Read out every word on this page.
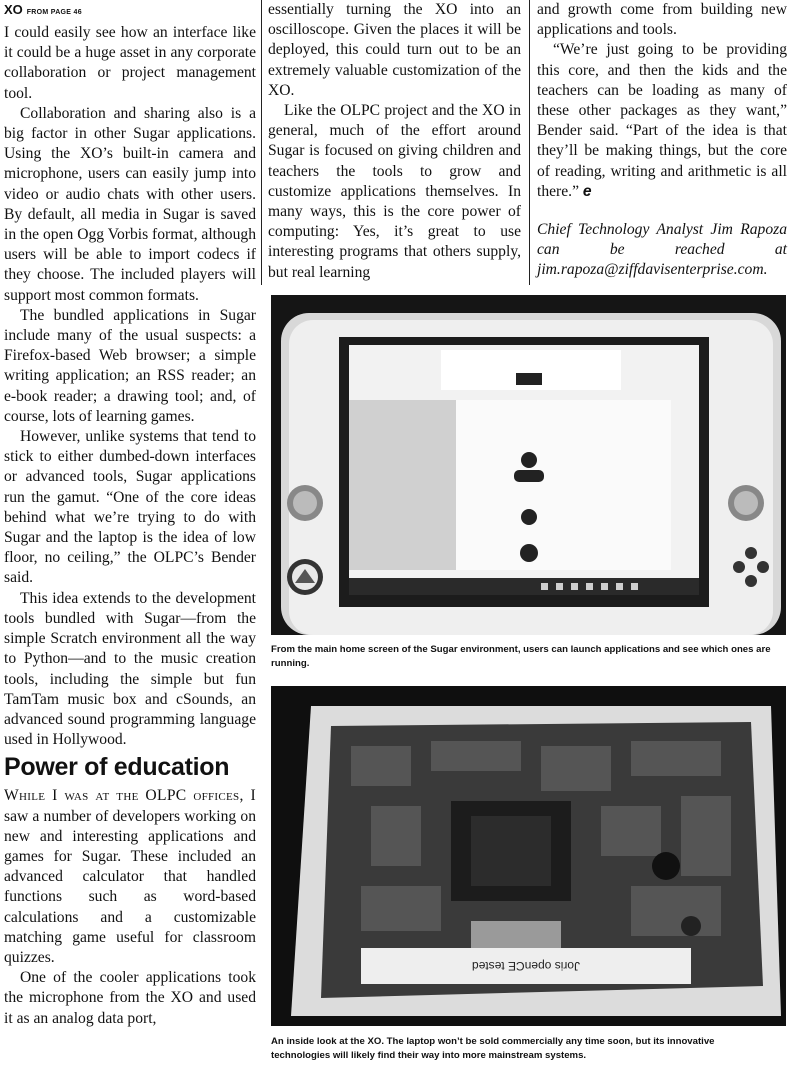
XO FROM PAGE 46

I could easily see how an interface like it could be a huge asset in any corporate collaboration or project management tool.

Collaboration and sharing also is a big factor in other Sugar applications. Using the XO’s built-in camera and microphone, users can easily jump into video or audio chats with other users. By default, all media in Sugar is saved in the open Ogg Vorbis format, although users will be able to import codecs if they choose. The included players will support most common formats.

The bundled applications in Sugar include many of the usual suspects: a Firefox-based Web browser; a simple writing application; an RSS reader; an e-book reader; a drawing tool; and, of course, lots of learning games.

However, unlike systems that tend to stick to either dumbed-down interfaces or advanced tools, Sugar applications run the gamut. “One of the core ideas behind what we’re trying to do with Sugar and the laptop is the idea of low floor, no ceiling,” the OLPC’s Bender said.

This idea extends to the development tools bundled with Sugar—from the simple Scratch environment all the way to Python—and to the music creation tools, including the simple but fun TamTam music box and cSounds, an advanced sound programming language used in Hollywood.

Power of education

While I was at the OLPC offices, I saw a number of developers working on new and interesting applications and games for Sugar. These included an advanced calculator that handled functions such as word-based calculations and a customizable matching game useful for classroom quizzes.

One of the cooler applications took the microphone from the XO and used it as an analog data port,

essentially turning the XO into an oscilloscope. Given the places it will be deployed, this could turn out to be an extremely valuable customization of the XO.

Like the OLPC project and the XO in general, much of the effort around Sugar is focused on giving children and teachers the tools to grow and customize applications themselves. In many ways, this is the core power of computing: Yes, it’s great to use interesting programs that others supply, but real learning

and growth come from building new applications and tools.

“We’re just going to be providing this core, and then the kids and the teachers can be loading as many of these other packages as they want,” Bender said. “Part of the idea is that they’ll be making things, but the core of reading, writing and arithmetic is all there.” e

Chief Technology Analyst Jim Rapoza can be reached at jim.rapoza@ziffdavisenterprise.com.

From the main home screen of the Sugar environment, users can launch applications and see which ones are running.
Joris openCE tested
An inside look at the XO. The laptop won’t be sold commercially any time soon, but its innovative technologies will likely find their way into more mainstream systems.
